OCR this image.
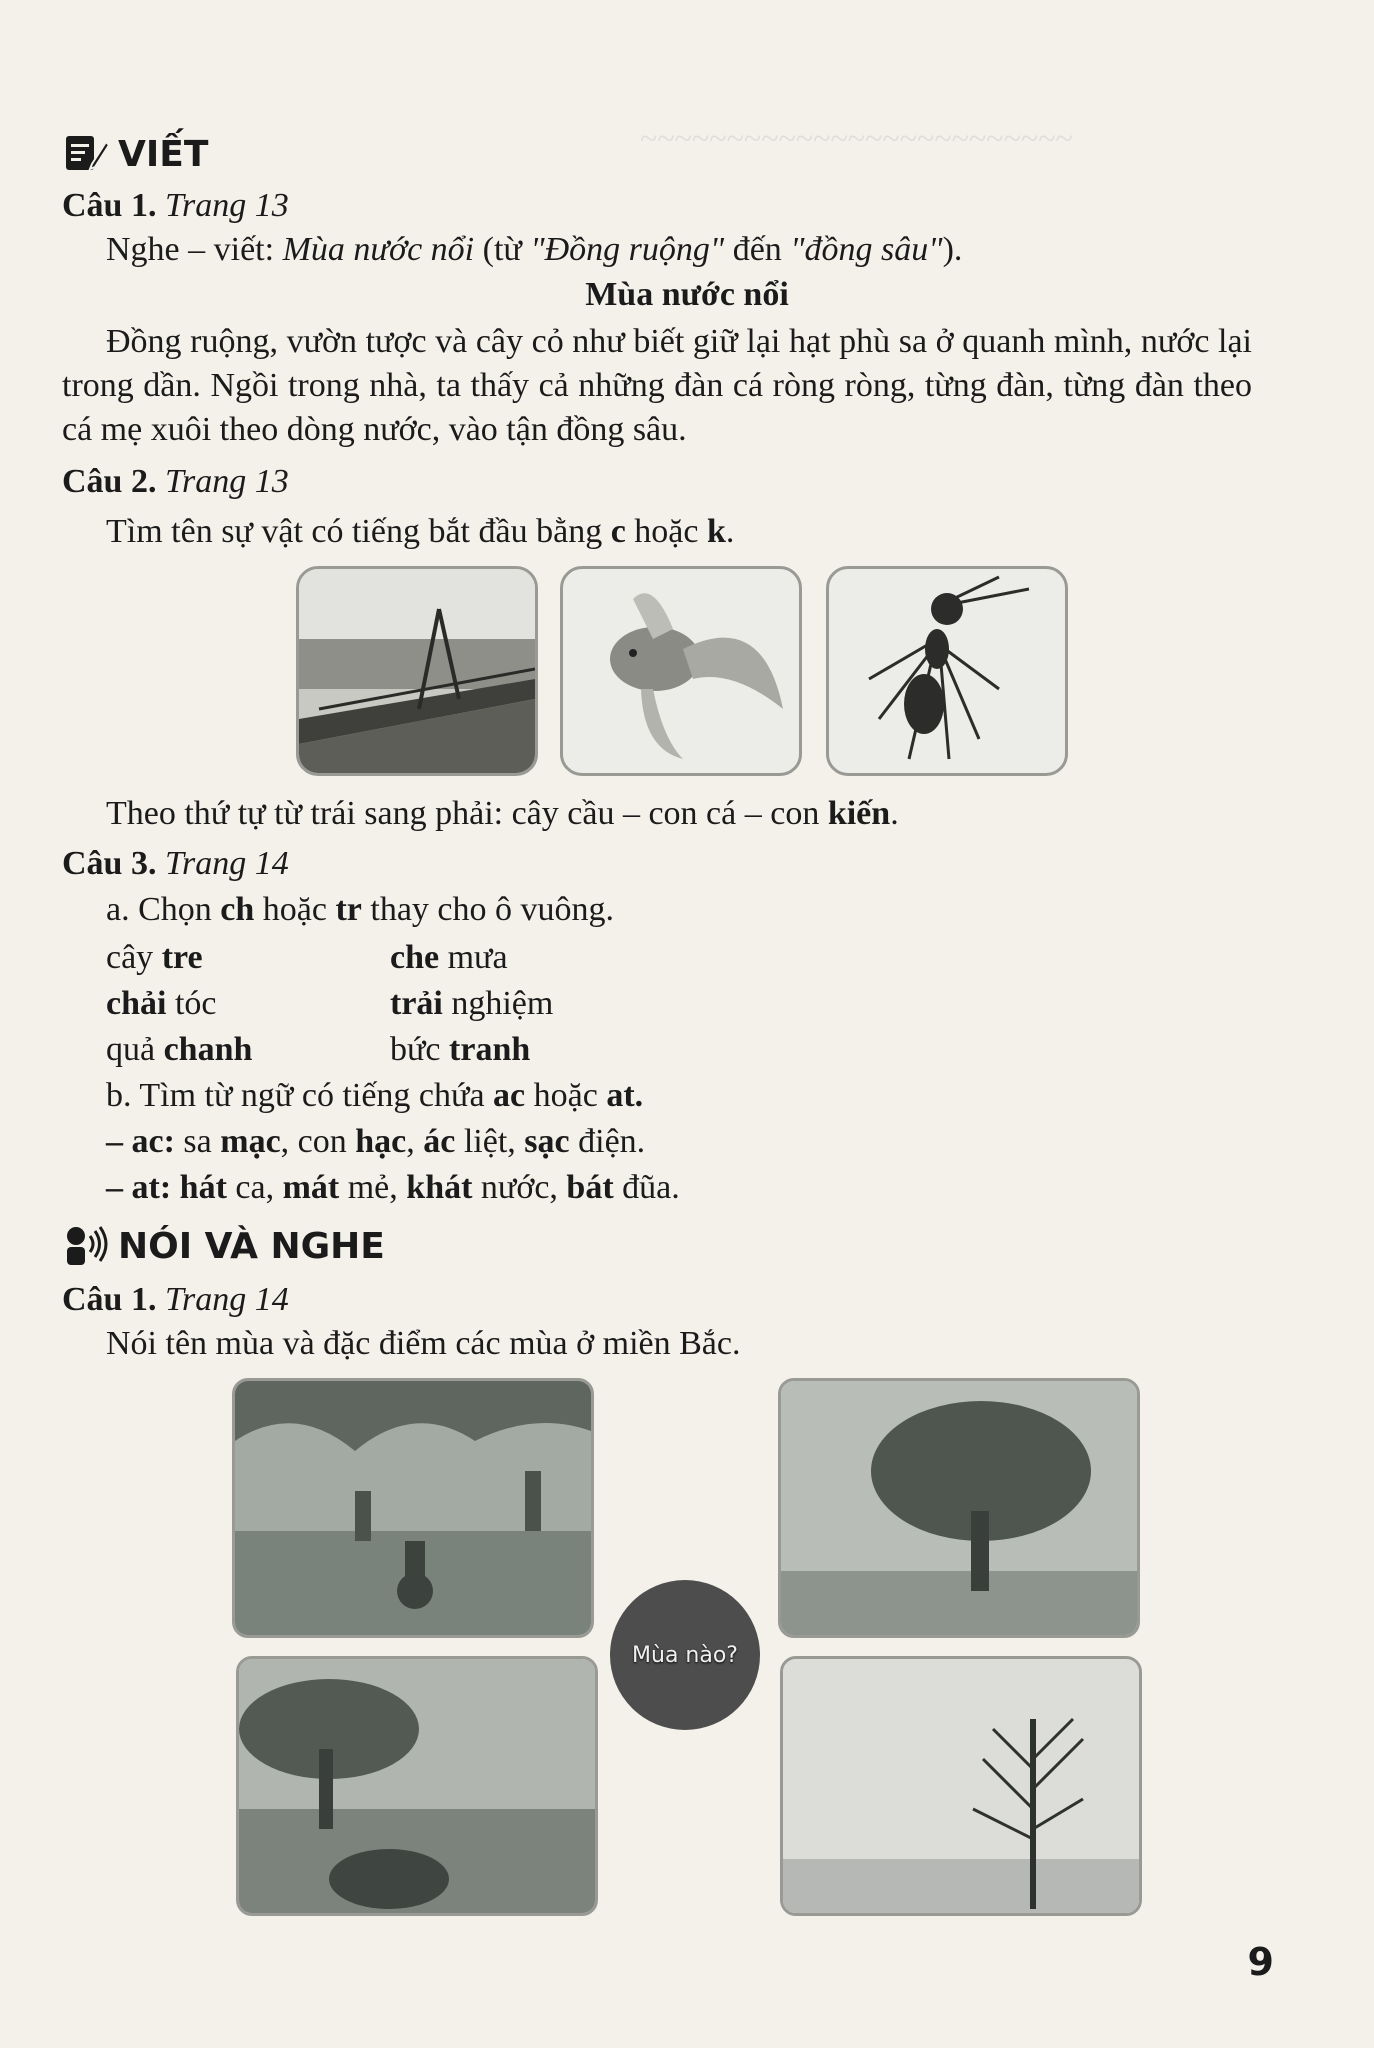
~~~~~~~~~~~~~~~~~~~~~~~~~
VIẾT
Câu 1. Trang 13
Nghe – viết: Mùa nước nổi (từ "Đồng ruộng" đến "đồng sâu").
Mùa nước nổi

Đồng ruộng, vườn tược và cây cỏ như biết giữ lại hạt phù sa ở quanh mình, nước lại trong dần. Ngồi trong nhà, ta thấy cả những đàn cá ròng ròng, từng đàn, từng đàn theo cá mẹ xuôi theo dòng nước, vào tận đồng sâu.

Câu 2. Trang 13
Tìm tên sự vật có tiếng bắt đầu bằng c hoặc k.
Theo thứ tự từ trái sang phải: cây cầu – con cá – con kiến.
Câu 3. Trang 14
a. Chọn ch hoặc tr thay cho ô vuông.
cây tre	che mưa
chải tóc	trải nghiệm
quả chanh	bức tranh
b. Tìm từ ngữ có tiếng chứa ac hoặc at.
– ac: sa mạc, con hạc, ác liệt, sạc điện.
– at: hát ca, mát mẻ, khát nước, bát đũa.
NÓI VÀ NGHE
Câu 1. Trang 14
Nói tên mùa và đặc điểm các mùa ở miền Bắc.
Mùa nào?
9
